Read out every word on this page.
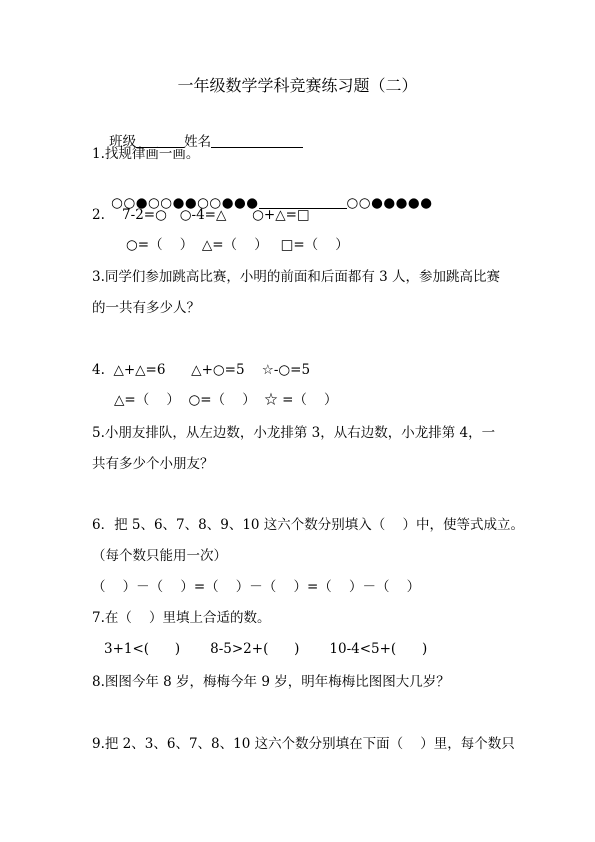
一年级数学学科竞赛练习题（二）

班级	姓名

1.找规律画一画。

○○●○○●●○○●●●	○○●●●●●

2.    7-2=○   ○-4=△      ○+△=□
○=（    ）  △=（    ）   □=（    ）
3.同学们参加跳高比赛，小明的前面和后面都有 3 人，参加跳高比赛
的一共有多少人？
4.  △+△=6      △+○=5    ☆-○=5
△=（    ）  ○=（    ）  ☆ =（    ）
5.小朋友排队，从左边数，小龙排第 3，从右边数，小龙排第 4，一
共有多少个小朋友？
6．把 5、6、7、8、9、10 这六个数分别填入（    ）中，使等式成立。
（每个数只能用一次）
（    ）－（    ）=（    ）－（    ）=（    ）－（    ）
7.在（    ）里填上合适的数。
3+1<(      )       8-5>2+(      )       10-4<5+(      )
8.图图今年 8 岁，梅梅今年 9 岁，明年梅梅比图图大几岁？
9.把 2、3、6、7、8、10 这六个数分别填在下面（    ）里，每个数只
